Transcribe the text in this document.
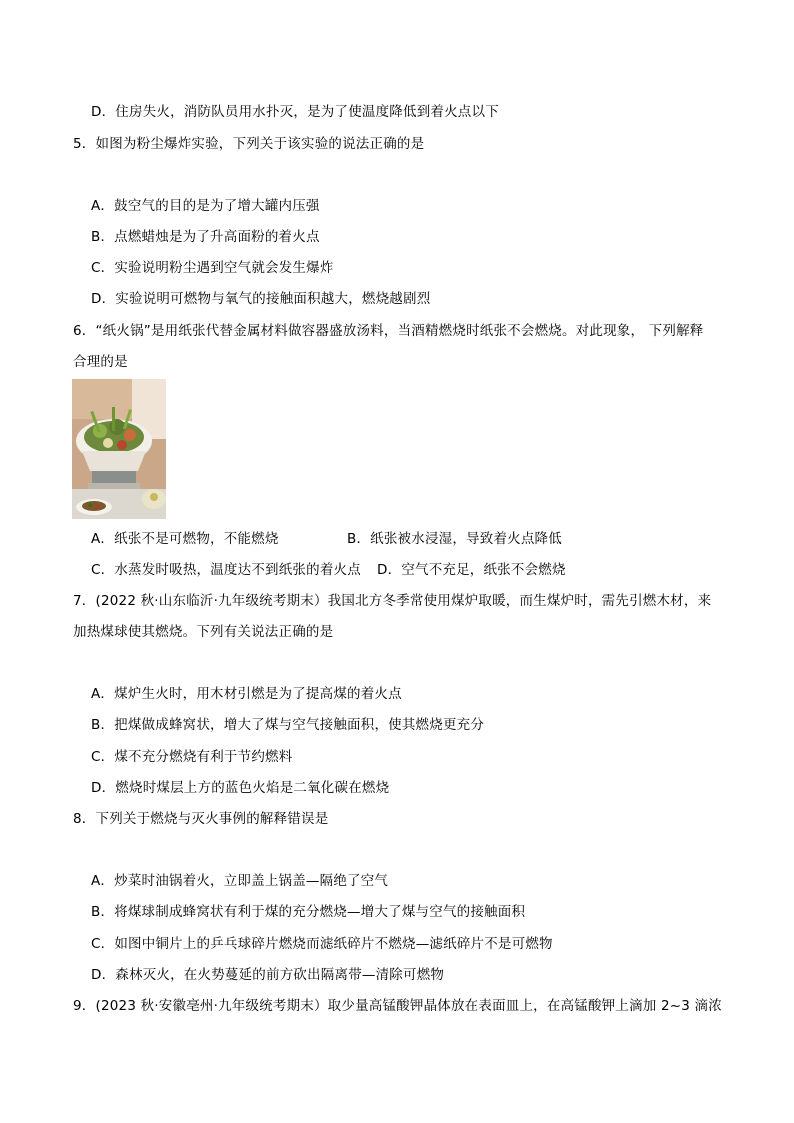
D．住房失火，消防队员用水扑灭，是为了使温度降低到着火点以下
5．如图为粉尘爆炸实验，下列关于该实验的说法正确的是
A．鼓空气的目的是为了增大罐内压强
B．点燃蜡烛是为了升高面粉的着火点
C．实验说明粉尘遇到空气就会发生爆炸
D．实验说明可燃物与氧气的接触面积越大，燃烧越剧烈
6．“纸火锅”是用纸张代替金属材料做容器盛放汤料，当酒精燃烧时纸张不会燃烧。对此现象， 下列解释
合理的是
A．纸张不是可燃物，不能燃烧	B．纸张被水浸湿，导致着火点降低
C．水蒸发时吸热，温度达不到纸张的着火点 D．空气不充足，纸张不会燃烧
7．(2022 秋·山东临沂·九年级统考期末）我国北方冬季常使用煤炉取暖，而生煤炉时，需先引燃木材，来
加热煤球使其燃烧。下列有关说法正确的是
A．煤炉生火时，用木材引燃是为了提高煤的着火点
B．把煤做成蜂窝状，增大了煤与空气接触面积，使其燃烧更充分
C．煤不充分燃烧有利于节约燃料
D．燃烧时煤层上方的蓝色火焰是二氧化碳在燃烧
8．下列关于燃烧与灭火事例的解释错误是
A．炒菜时油锅着火，立即盖上锅盖—隔绝了空气
B．将煤球制成蜂窝状有利于煤的充分燃烧—增大了煤与空气的接触面积
C．如图中铜片上的乒乓球碎片燃烧而滤纸碎片不燃烧—滤纸碎片不是可燃物
D．森林灭火，在火势蔓延的前方砍出隔离带—清除可燃物
9．(2023 秋·安徽亳州·九年级统考期末）取少量高锰酸钾晶体放在表面皿上，在高锰酸钾上滴加 2~3 滴浓
